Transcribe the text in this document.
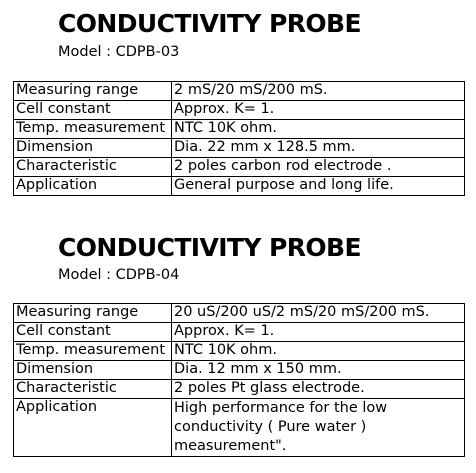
CONDUCTIVITY PROBE
Model : CDPB-03
Measuring range	2 mS/20 mS/200 mS.
Cell constant	Approx. K= 1.
Temp. measurement	NTC 10K ohm.
Dimension	Dia. 22 mm x 128.5 mm.
Characteristic	2 poles carbon rod electrode .
Application	General purpose and long life.
CONDUCTIVITY PROBE
Model : CDPB-04
Measuring range	20 uS/200 uS/2 mS/20 mS/200 mS.
Cell constant	Approx. K= 1.
Temp. measurement	NTC 10K ohm.
Dimension	Dia. 12 mm x 150 mm.
Characteristic	2 poles Pt glass electrode.
Application	High performance for the low conductivity ( Pure water ) measurement".
